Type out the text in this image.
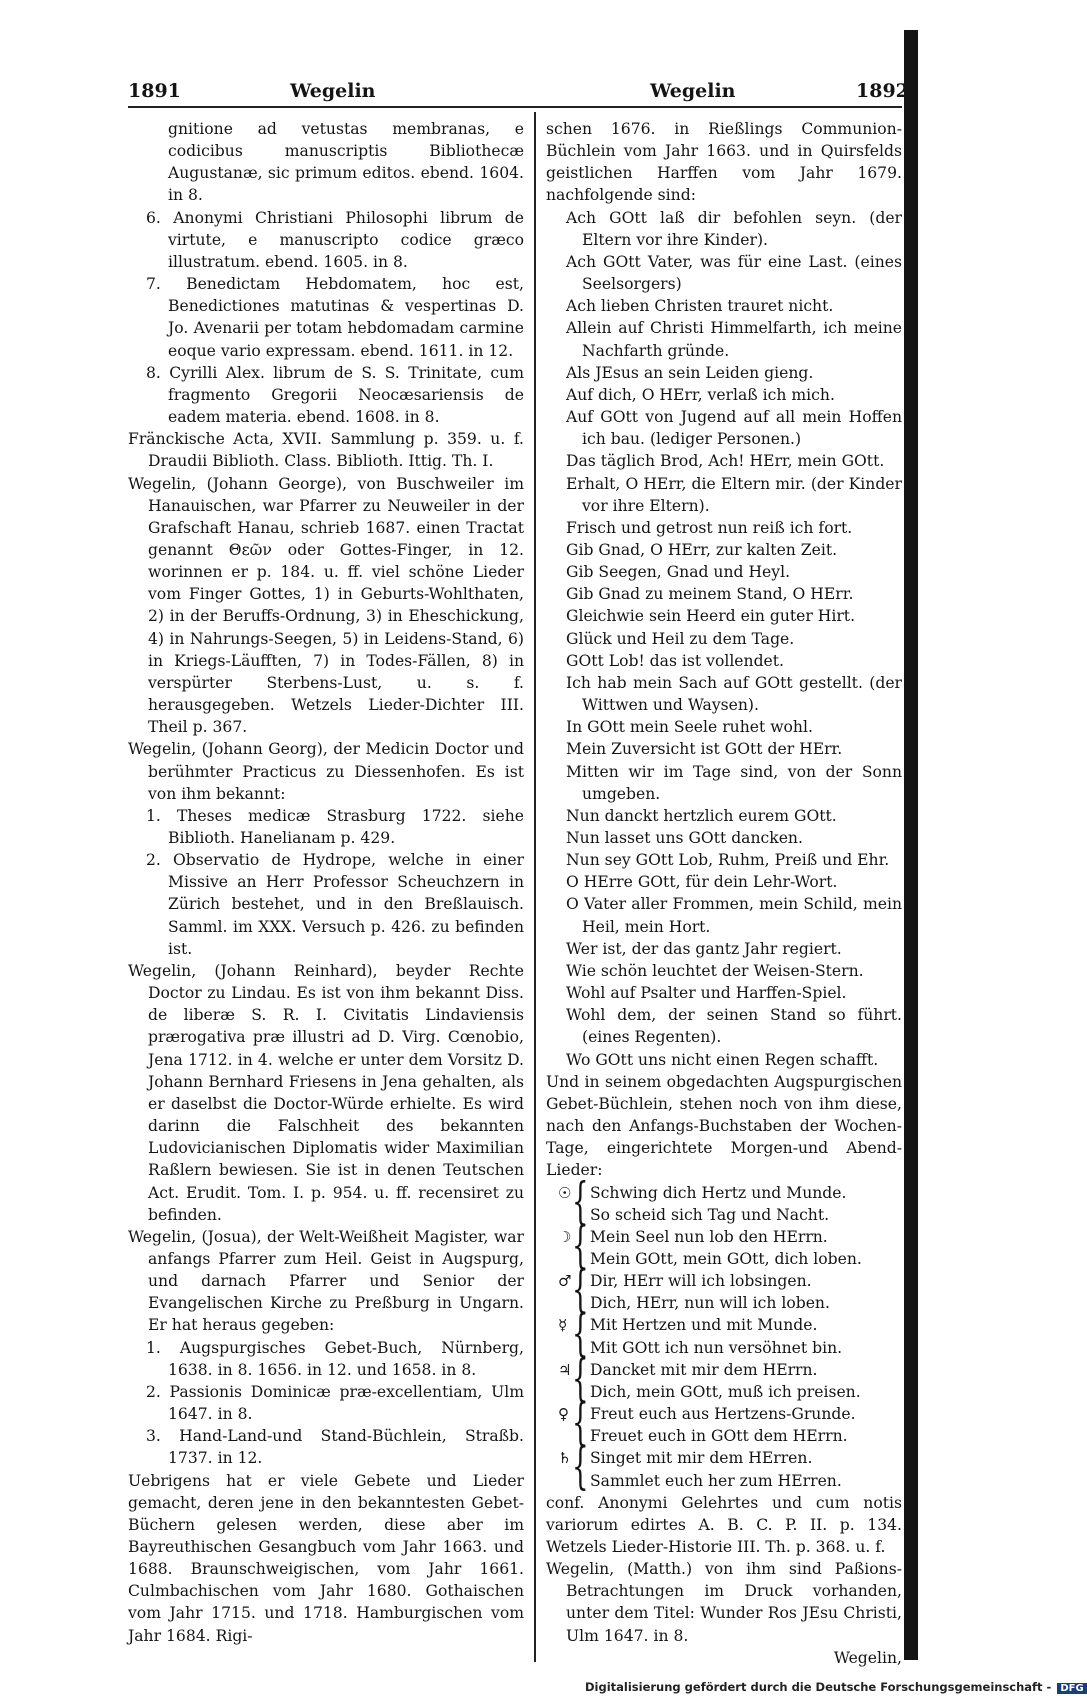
1891	Wegelin	Wegelin	1892

gnitione ad vetustas membranas, e codicibus manuscriptis Bibliothecæ Augustanæ, sic primum editos. ebend. 1604. in 8.

6. Anonymi Christiani Philosophi librum de virtute, e manuscripto codice græco illustratum. ebend. 1605. in 8.

7. Benedictam Hebdomatem, hoc est, Benedictiones matutinas & vespertinas D. Jo. Avenarii per totam hebdomadam carmine eoque vario expressam. ebend. 1611. in 12.

8. Cyrilli Alex. librum de S. S. Trinitate, cum fragmento Gregorii Neocæsariensis de eadem materia. ebend. 1608. in 8.

Fränckische Acta, XVII. Sammlung p. 359. u. f. Draudii Biblioth. Class. Biblioth. Ittig. Th. I.

Wegelin, (Johann George), von Buschweiler im Hanauischen, war Pfarrer zu Neuweiler in der Grafschaft Hanau, schrieb 1687. einen Tractat genannt Θεῶν oder Gottes-Finger, in 12. worinnen er p. 184. u. ff. viel schöne Lieder vom Finger Gottes, 1) in Geburts-Wohlthaten, 2) in der Beruffs-Ordnung, 3) in Eheschickung, 4) in Nahrungs-Seegen, 5) in Leidens-Stand, 6) in Kriegs-Läufften, 7) in Todes-Fällen, 8) in verspürter Sterbens-Lust, u. s. f. herausgegeben. Wetzels Lieder-Dichter III. Theil p. 367.

Wegelin, (Johann Georg), der Medicin Doctor und berühmter Practicus zu Diessenhofen. Es ist von ihm bekannt:

1. Theses medicæ Strasburg 1722. siehe Biblioth. Hanelianam p. 429.

2. Observatio de Hydrope, welche in einer Missive an Herr Professor Scheuchzern in Zürich bestehet, und in den Breßlauisch. Samml. im XXX. Versuch p. 426. zu befinden ist.

Wegelin, (Johann Reinhard), beyder Rechte Doctor zu Lindau. Es ist von ihm bekannt Diss. de liberæ S. R. I. Civitatis Lindaviensis prærogativa præ illustri ad D. Virg. Cœnobio, Jena 1712. in 4. welche er unter dem Vorsitz D. Johann Bernhard Friesens in Jena gehalten, als er daselbst die Doctor-Würde erhielte. Es wird darinn die Falschheit des bekannten Ludovicianischen Diplomatis wider Maximilian Raßlern bewiesen. Sie ist in denen Teutschen Act. Erudit. Tom. I. p. 954. u. ff. recensiret zu befinden.

Wegelin, (Josua), der Welt-Weißheit Magister, war anfangs Pfarrer zum Heil. Geist in Augspurg, und darnach Pfarrer und Senior der Evangelischen Kirche zu Preßburg in Ungarn. Er hat heraus gegeben:

1. Augspurgisches Gebet-Buch, Nürnberg, 1638. in 8. 1656. in 12. und 1658. in 8.

2. Passionis Dominicæ præ-excellentiam, Ulm 1647. in 8.

3. Hand-Land-und Stand-Büchlein, Straßb. 1737. in 12.

Uebrigens hat er viele Gebete und Lieder gemacht, deren jene in den bekanntesten Gebet-Büchern gelesen werden, diese aber im Bayreuthischen Gesangbuch vom Jahr 1663. und 1688. Braunschweigischen, vom Jahr 1661. Culmbachischen vom Jahr 1680. Gothaischen vom Jahr 1715. und 1718. Hamburgischen vom Jahr 1684. Rigi-

schen 1676. in Rießlings Communion-Büchlein vom Jahr 1663. und in Quirsfelds geistlichen Harffen vom Jahr 1679. nachfolgende sind:

Ach GOtt laß dir befohlen seyn. (der Eltern vor ihre Kinder).

Ach GOtt Vater, was für eine Last. (eines Seelsorgers)

Ach lieben Christen trauret nicht.

Allein auf Christi Himmelfarth, ich meine Nachfarth gründe.

Als JEsus an sein Leiden gieng.

Auf dich, O HErr, verlaß ich mich.

Auf GOtt von Jugend auf all mein Hoffen ich bau. (lediger Personen.)

Das täglich Brod, Ach! HErr, mein GOtt.

Erhalt, O HErr, die Eltern mir. (der Kinder vor ihre Eltern).

Frisch und getrost nun reiß ich fort.

Gib Gnad, O HErr, zur kalten Zeit.

Gib Seegen, Gnad und Heyl.

Gib Gnad zu meinem Stand, O HErr.

Gleichwie sein Heerd ein guter Hirt.

Glück und Heil zu dem Tage.

GOtt Lob! das ist vollendet.

Ich hab mein Sach auf GOtt gestellt. (der Wittwen und Waysen).

In GOtt mein Seele ruhet wohl.

Mein Zuversicht ist GOtt der HErr.

Mitten wir im Tage sind, von der Sonn umgeben.

Nun danckt hertzlich eurem GOtt.

Nun lasset uns GOtt dancken.

Nun sey GOtt Lob, Ruhm, Preiß und Ehr.

O HErre GOtt, für dein Lehr-Wort.

O Vater aller Frommen, mein Schild, mein Heil, mein Hort.

Wer ist, der das gantz Jahr regiert.

Wie schön leuchtet der Weisen-Stern.

Wohl auf Psalter und Harffen-Spiel.

Wohl dem, der seinen Stand so führt. (eines Regenten).

Wo GOtt uns nicht einen Regen schafft.

Und in seinem obgedachten Augspurgischen Gebet-Büchlein, stehen noch von ihm diese, nach den Anfangs-Buchstaben der Wochen-Tage, eingerichtete Morgen-und Abend-Lieder:

☉ { Schwing dich Hertz und Munde.
So scheid sich Tag und Nacht.
☽ { Mein Seel nun lob den HErrn.
Mein GOtt, mein GOtt, dich loben.
♂ { Dir, HErr will ich lobsingen.
Dich, HErr, nun will ich loben.
☿ { Mit Hertzen und mit Munde.
Mit GOtt ich nun versöhnet bin.
♃ { Dancket mit mir dem HErrn.
Dich, mein GOtt, muß ich preisen.
♀ { Freut euch aus Hertzens-Grunde.
Freuet euch in GOtt dem HErrn.
♄ { Singet mit mir dem HErren.
Sammlet euch her zum HErren.

conf. Anonymi Gelehrtes und cum notis variorum edirtes A. B. C. P. II. p. 134. Wetzels Lieder-Historie III. Th. p. 368. u. f.

Wegelin, (Matth.) von ihm sind Paßions-Betrachtungen im Druck vorhanden, unter dem Titel: Wunder Ros JEsu Christi, Ulm 1647. in 8.

Wegelin,

Digitalisierung gefördert durch die Deutsche Forschungsgemeinschaft - DFG
